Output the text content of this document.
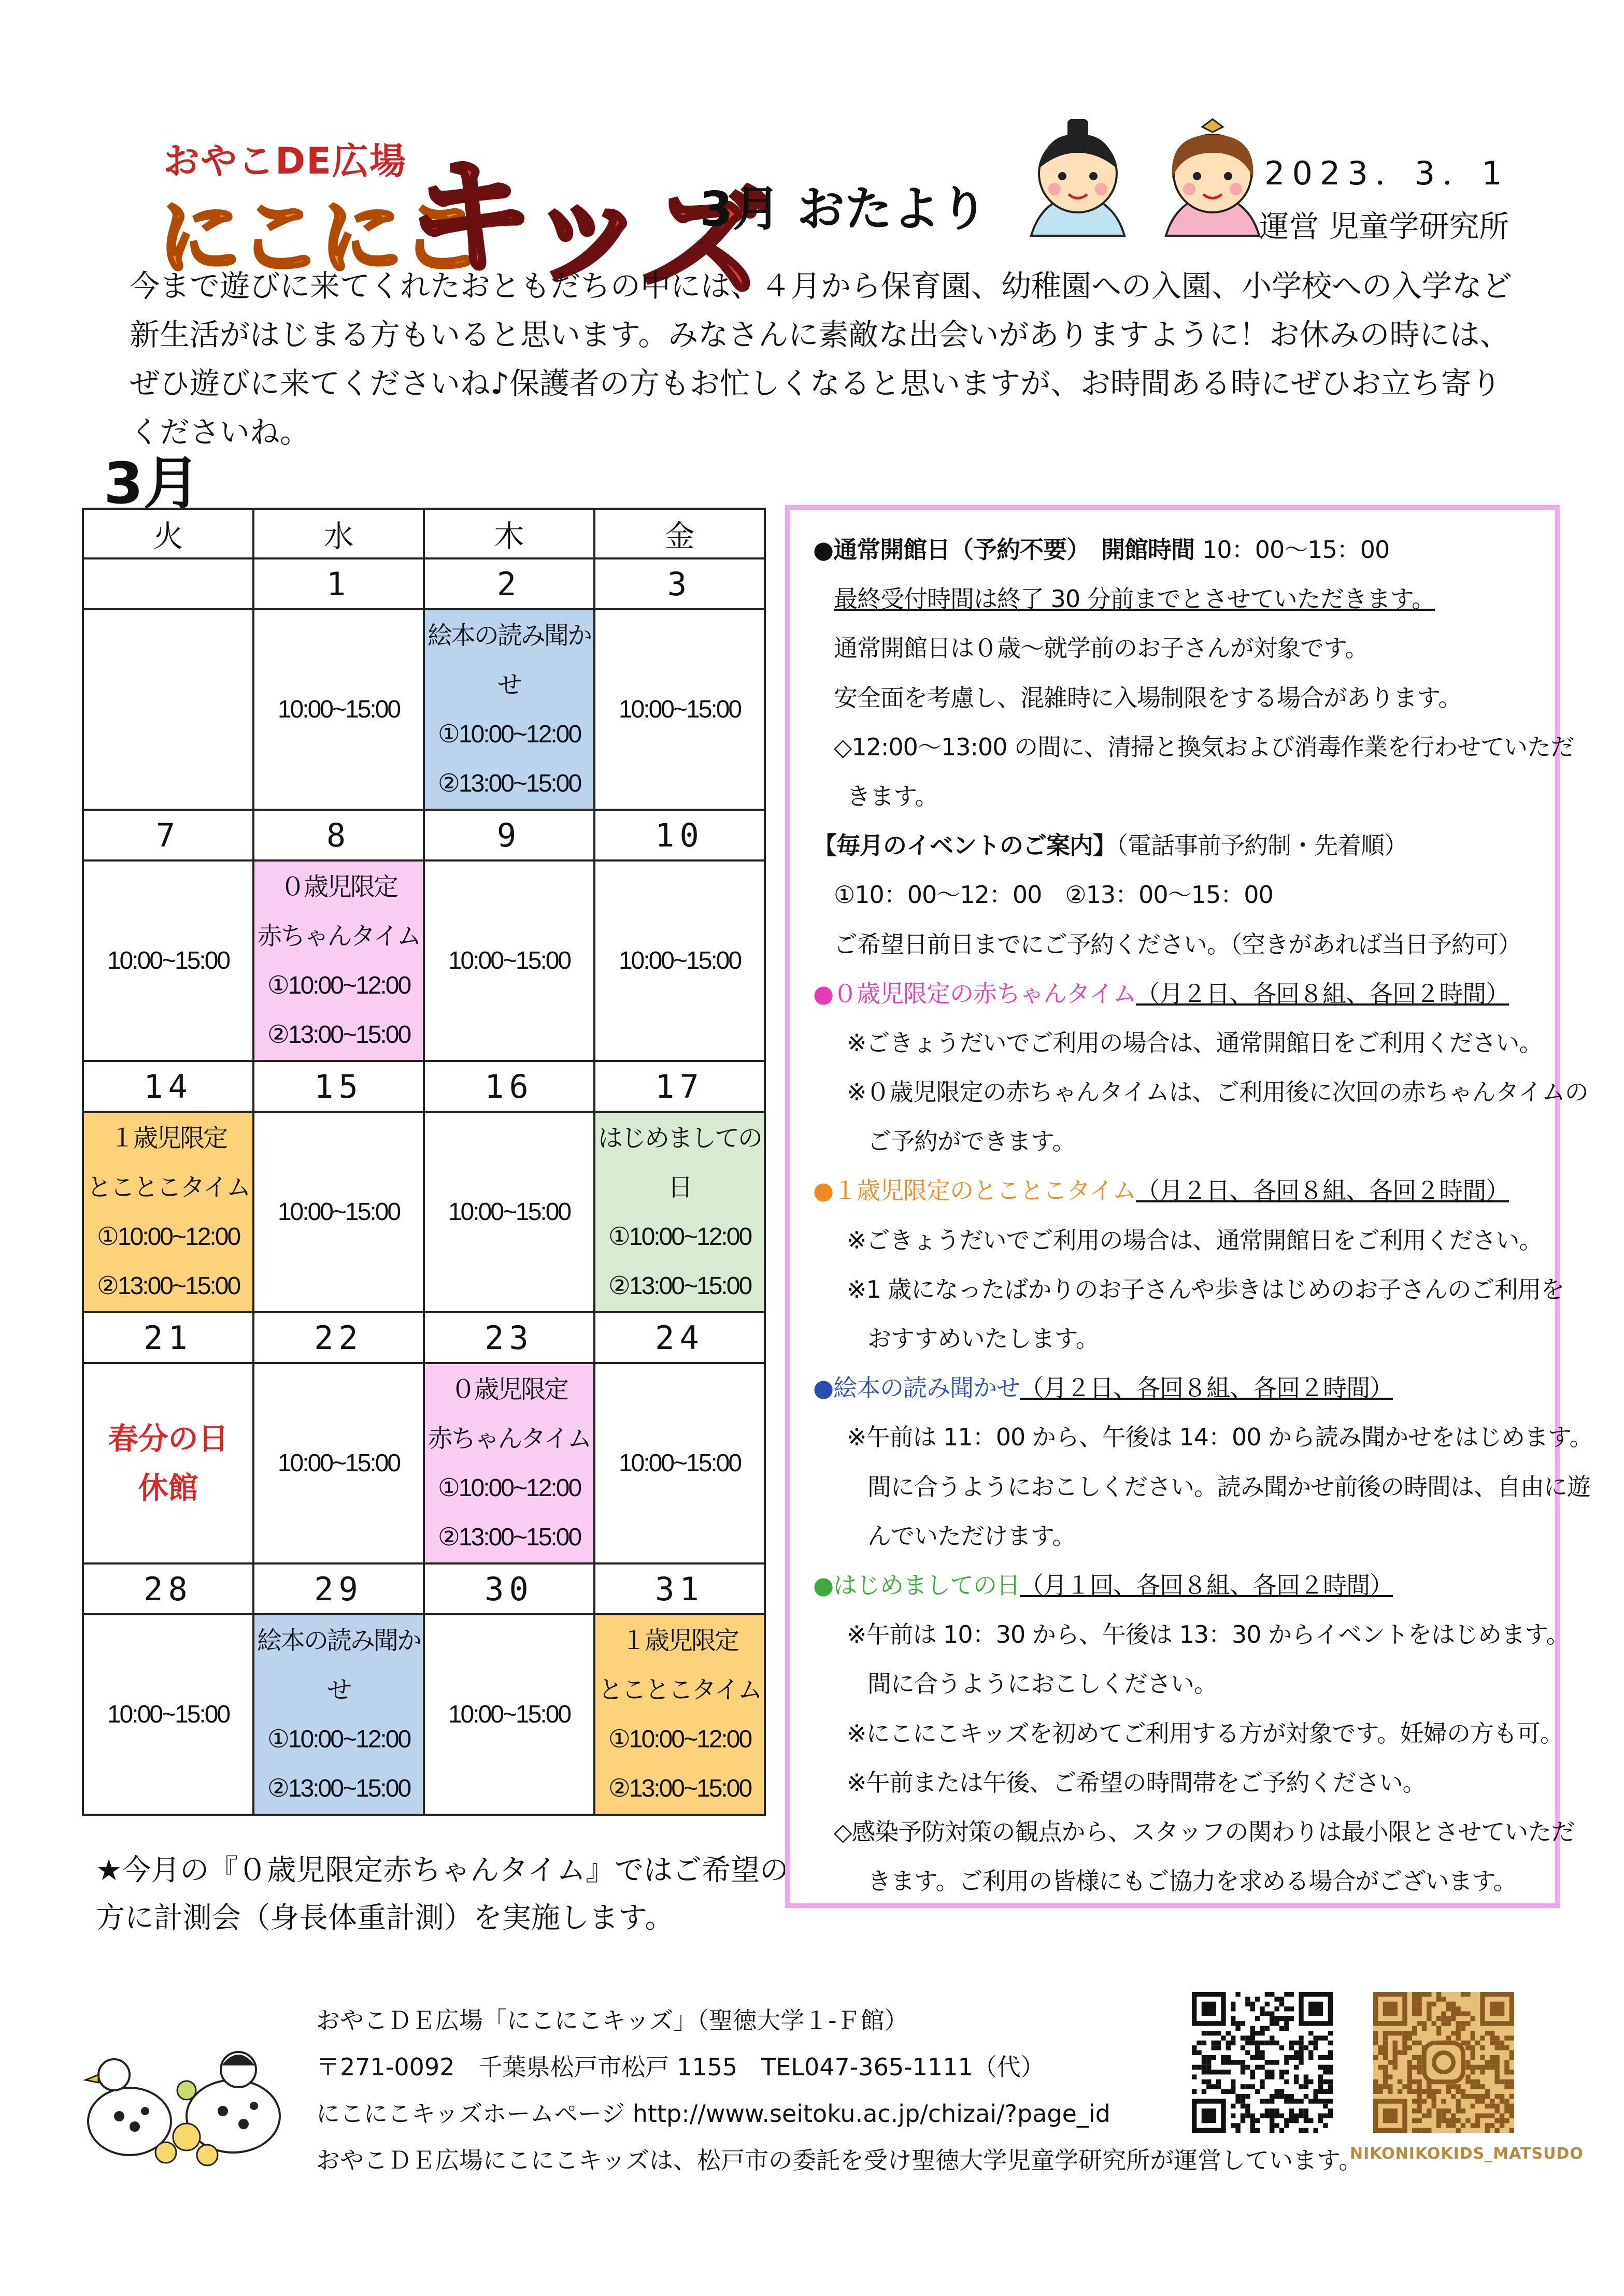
おやこDE広場
にこにこ
キッズ
3月 おたより
2023．3．1
運営 児童学研究所
今まで遊びに来てくれたおともだちの中には、４月から保育園、幼稚園への入園、小学校への入学など新生活がはじまる方もいると思います。みなさんに素敵な出会いがありますように！お休みの時には、ぜひ遊びに来てくださいね♪保護者の方もお忙しくなると思いますが、お時間ある時にぜひお立ち寄りくださいね。
3月
火	水	木	金
	1	2	3

	10:00~15:00	絵本の読み聞かせ
①10:00~12:00
②13:00~15:00	10:00~15:00

7	8	9	10

10:00~15:00	０歳児限定
赤ちゃんタイム
①10:00~12:00
②13:00~15:00	10:00~15:00	10:00~15:00

14	15	16	17

１歳児限定
とことこタイム
①10:00~12:00
②13:00~15:00	10:00~15:00	10:00~15:00	はじめましての日
①10:00~12:00
②13:00~15:00

21	22	23	24

春分の日
休館	10:00~15:00	０歳児限定
赤ちゃんタイム
①10:00~12:00
②13:00~15:00	10:00~15:00

28	29	30	31

10:00~15:00	絵本の読み聞かせ
①10:00~12:00
②13:00~15:00	10:00~15:00	１歳児限定
とことこタイム
①10:00~12:00
②13:00~15:00
★今月の『０歳児限定赤ちゃんタイム』ではご希望の方に計測会（身長体重計測）を実施します。
●通常開館日（予約不要）　開館時間 10：00～15：00
最終受付時間は終了 30 分前までとさせていただきます。
通常開館日は０歳～就学前のお子さんが対象です。
安全面を考慮し、混雑時に入場制限をする場合があります。
◇12:00～13:00 の間に、清掃と換気および消毒作業を行わせていただ
きます。
【毎月のイベントのご案内】（電話事前予約制・先着順）
①10：00～12：00　②13：00～15：00
ご希望日前日までにご予約ください。（空きがあれば当日予約可）
●０歳児限定の赤ちゃんタイム（月２日、各回８組、各回２時間）
※ごきょうだいでご利用の場合は、通常開館日をご利用ください。
※０歳児限定の赤ちゃんタイムは、ご利用後に次回の赤ちゃんタイムの
ご予約ができます。
●１歳児限定のとことこタイム（月２日、各回８組、各回２時間）
※ごきょうだいでご利用の場合は、通常開館日をご利用ください。
※1 歳になったばかりのお子さんや歩きはじめのお子さんのご利用を
おすすめいたします。
●絵本の読み聞かせ（月２日、各回８組、各回２時間）
※午前は 11：00 から、午後は 14：00 から読み聞かせをはじめます。
間に合うようにおこしください。読み聞かせ前後の時間は、自由に遊
んでいただけます。
●はじめましての日（月１回、各回８組、各回２時間）
※午前は 10：30 から、午後は 13：30 からイベントをはじめます。
間に合うようにおこしください。
※にこにこキッズを初めてご利用する方が対象です。妊婦の方も可。
※午前または午後、ご希望の時間帯をご予約ください。
◇感染予防対策の観点から、スタッフの関わりは最小限とさせていただ
きます。ご利用の皆様にもご協力を求める場合がございます。
おやこＤＥ広場「にこにこキッズ」（聖徳大学１-Ｆ館）
〒271-0092　千葉県松戸市松戸 1155　TEL047-365-1111（代）
にこにこキッズホームページ http://www.seitoku.ac.jp/chizai/?page_id
おやこＤＥ広場にこにこキッズは、松戸市の委託を受け聖徳大学児童学研究所が運営しています。
NIKONIKOKIDS_MATSUDO
